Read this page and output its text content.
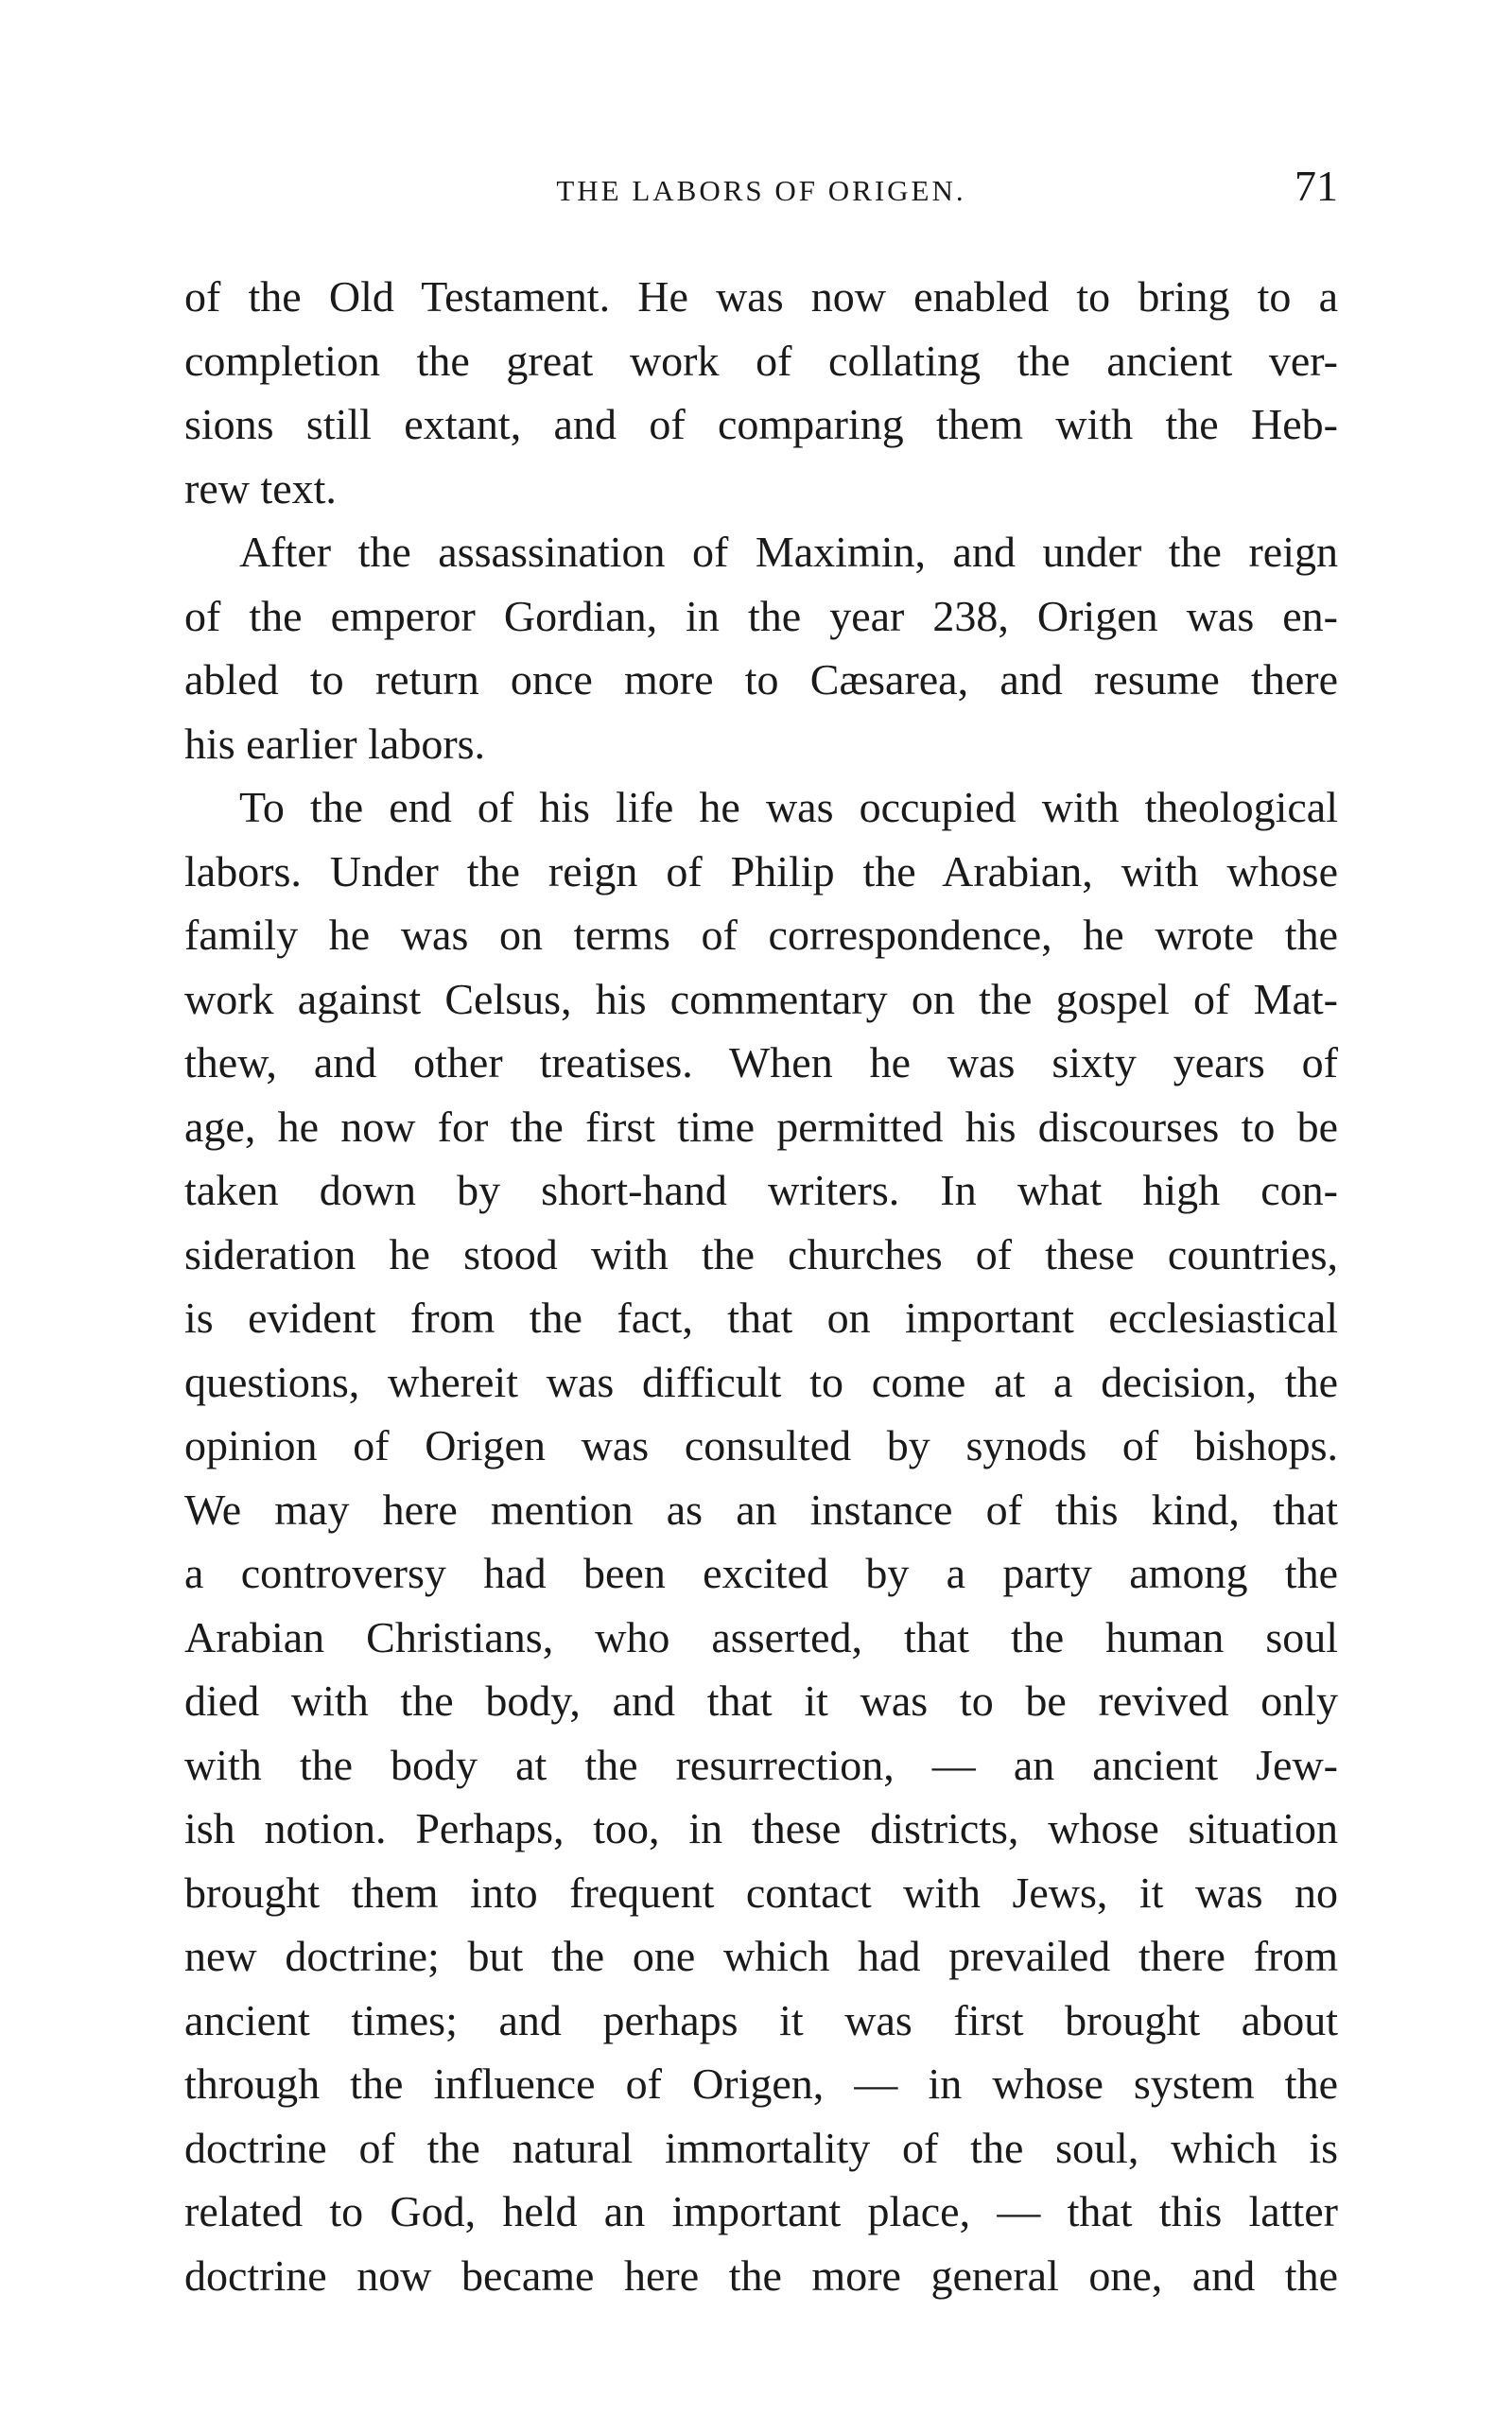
THE LABORS OF ORIGEN.	71
of the Old Testament. He was now enabled to bring to a
completion the great work of collating the ancient ver-
sions still extant, and of comparing them with the Heb-
rew text.
After the assassination of Maximin, and under the reign
of the emperor Gordian, in the year 238, Origen was en-
abled to return once more to Cæsarea, and resume there
his earlier labors.
To the end of his life he was occupied with theological
labors. Under the reign of Philip the Arabian, with whose
family he was on terms of correspondence, he wrote the
work against Celsus, his commentary on the gospel of Mat-
thew, and other treatises. When he was sixty years of
age, he now for the first time permitted his discourses to be
taken down by short-hand writers. In what high con-
sideration he stood with the churches of these countries,
is evident from the fact, that on important ecclesiastical
questions, whereit was difficult to come at a decision, the
opinion of Origen was consulted by synods of bishops.
We may here mention as an instance of this kind, that
a controversy had been excited by a party among the
Arabian Christians, who asserted, that the human soul
died with the body, and that it was to be revived only
with the body at the resurrection, — an ancient Jew-
ish notion. Perhaps, too, in these districts, whose situation
brought them into frequent contact with Jews, it was no
new doctrine; but the one which had prevailed there from
ancient times; and perhaps it was first brought about
through the influence of Origen, — in whose system the
doctrine of the natural immortality of the soul, which is
related to God, held an important place, — that this latter
doctrine now became here the more general one, and the
